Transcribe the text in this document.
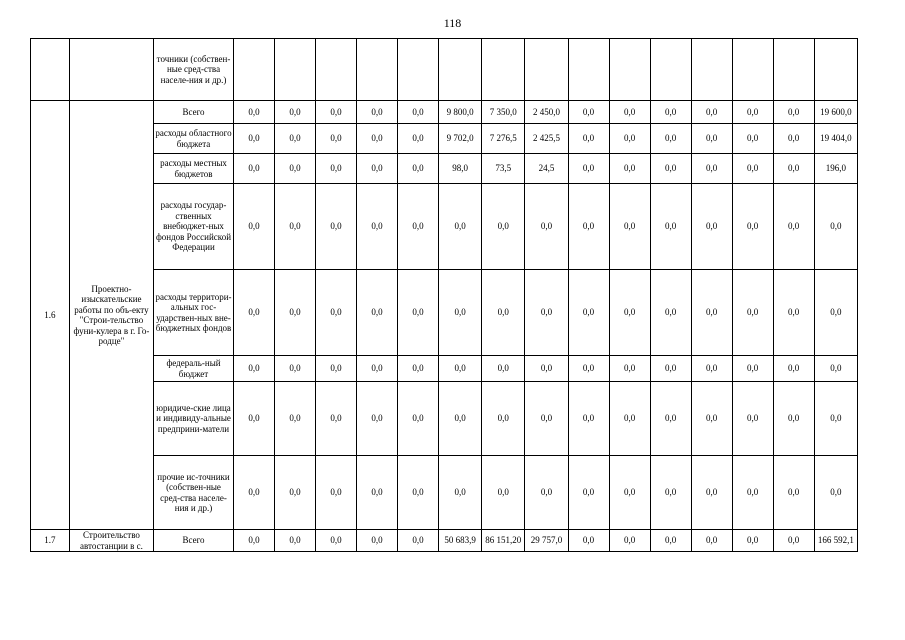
118
		точники (собствен-ные сред-ства населе-ния и др.)															
1.6	Проектно-изыскательские работы по объ-екту "Строи-тельство фуни-кулера в г. Го-родце"	Всего	0,0	0,0	0,0	0,0	0,0	9 800,0	7 350,0	2 450,0	0,0	0,0	0,0	0,0	0,0	0,0	19 600,0
		расходы областного бюджета	0,0	0,0	0,0	0,0	0,0	9 702,0	7 276,5	2 425,5	0,0	0,0	0,0	0,0	0,0	0,0	19 404,0
		расходы местных бюджетов	0,0	0,0	0,0	0,0	0,0	98,0	73,5	24,5	0,0	0,0	0,0	0,0	0,0	0,0	196,0
		расходы государ-ственных внебюджет-ных фондов Российской Федерации	0,0	0,0	0,0	0,0	0,0	0,0	0,0	0,0	0,0	0,0	0,0	0,0	0,0	0,0	0,0
		расходы территори-альных гос-ударствен-ных вне-бюджетных фондов	0,0	0,0	0,0	0,0	0,0	0,0	0,0	0,0	0,0	0,0	0,0	0,0	0,0	0,0	0,0
		федераль-ный бюджет	0,0	0,0	0,0	0,0	0,0	0,0	0,0	0,0	0,0	0,0	0,0	0,0	0,0	0,0	0,0
		юридиче-ские лица и индивиду-альные предприни-матели	0,0	0,0	0,0	0,0	0,0	0,0	0,0	0,0	0,0	0,0	0,0	0,0	0,0	0,0	0,0
		прочие ис-точники (собствен-ные сред-ства населе-ния и др.)	0,0	0,0	0,0	0,0	0,0	0,0	0,0	0,0	0,0	0,0	0,0	0,0	0,0	0,0	0,0
1.7	Строительство автостанции в с.	Всего	0,0	0,0	0,0	0,0	0,0	50 683,9	86 151,20	29 757,0	0,0	0,0	0,0	0,0	0,0	0,0	166 592,1
